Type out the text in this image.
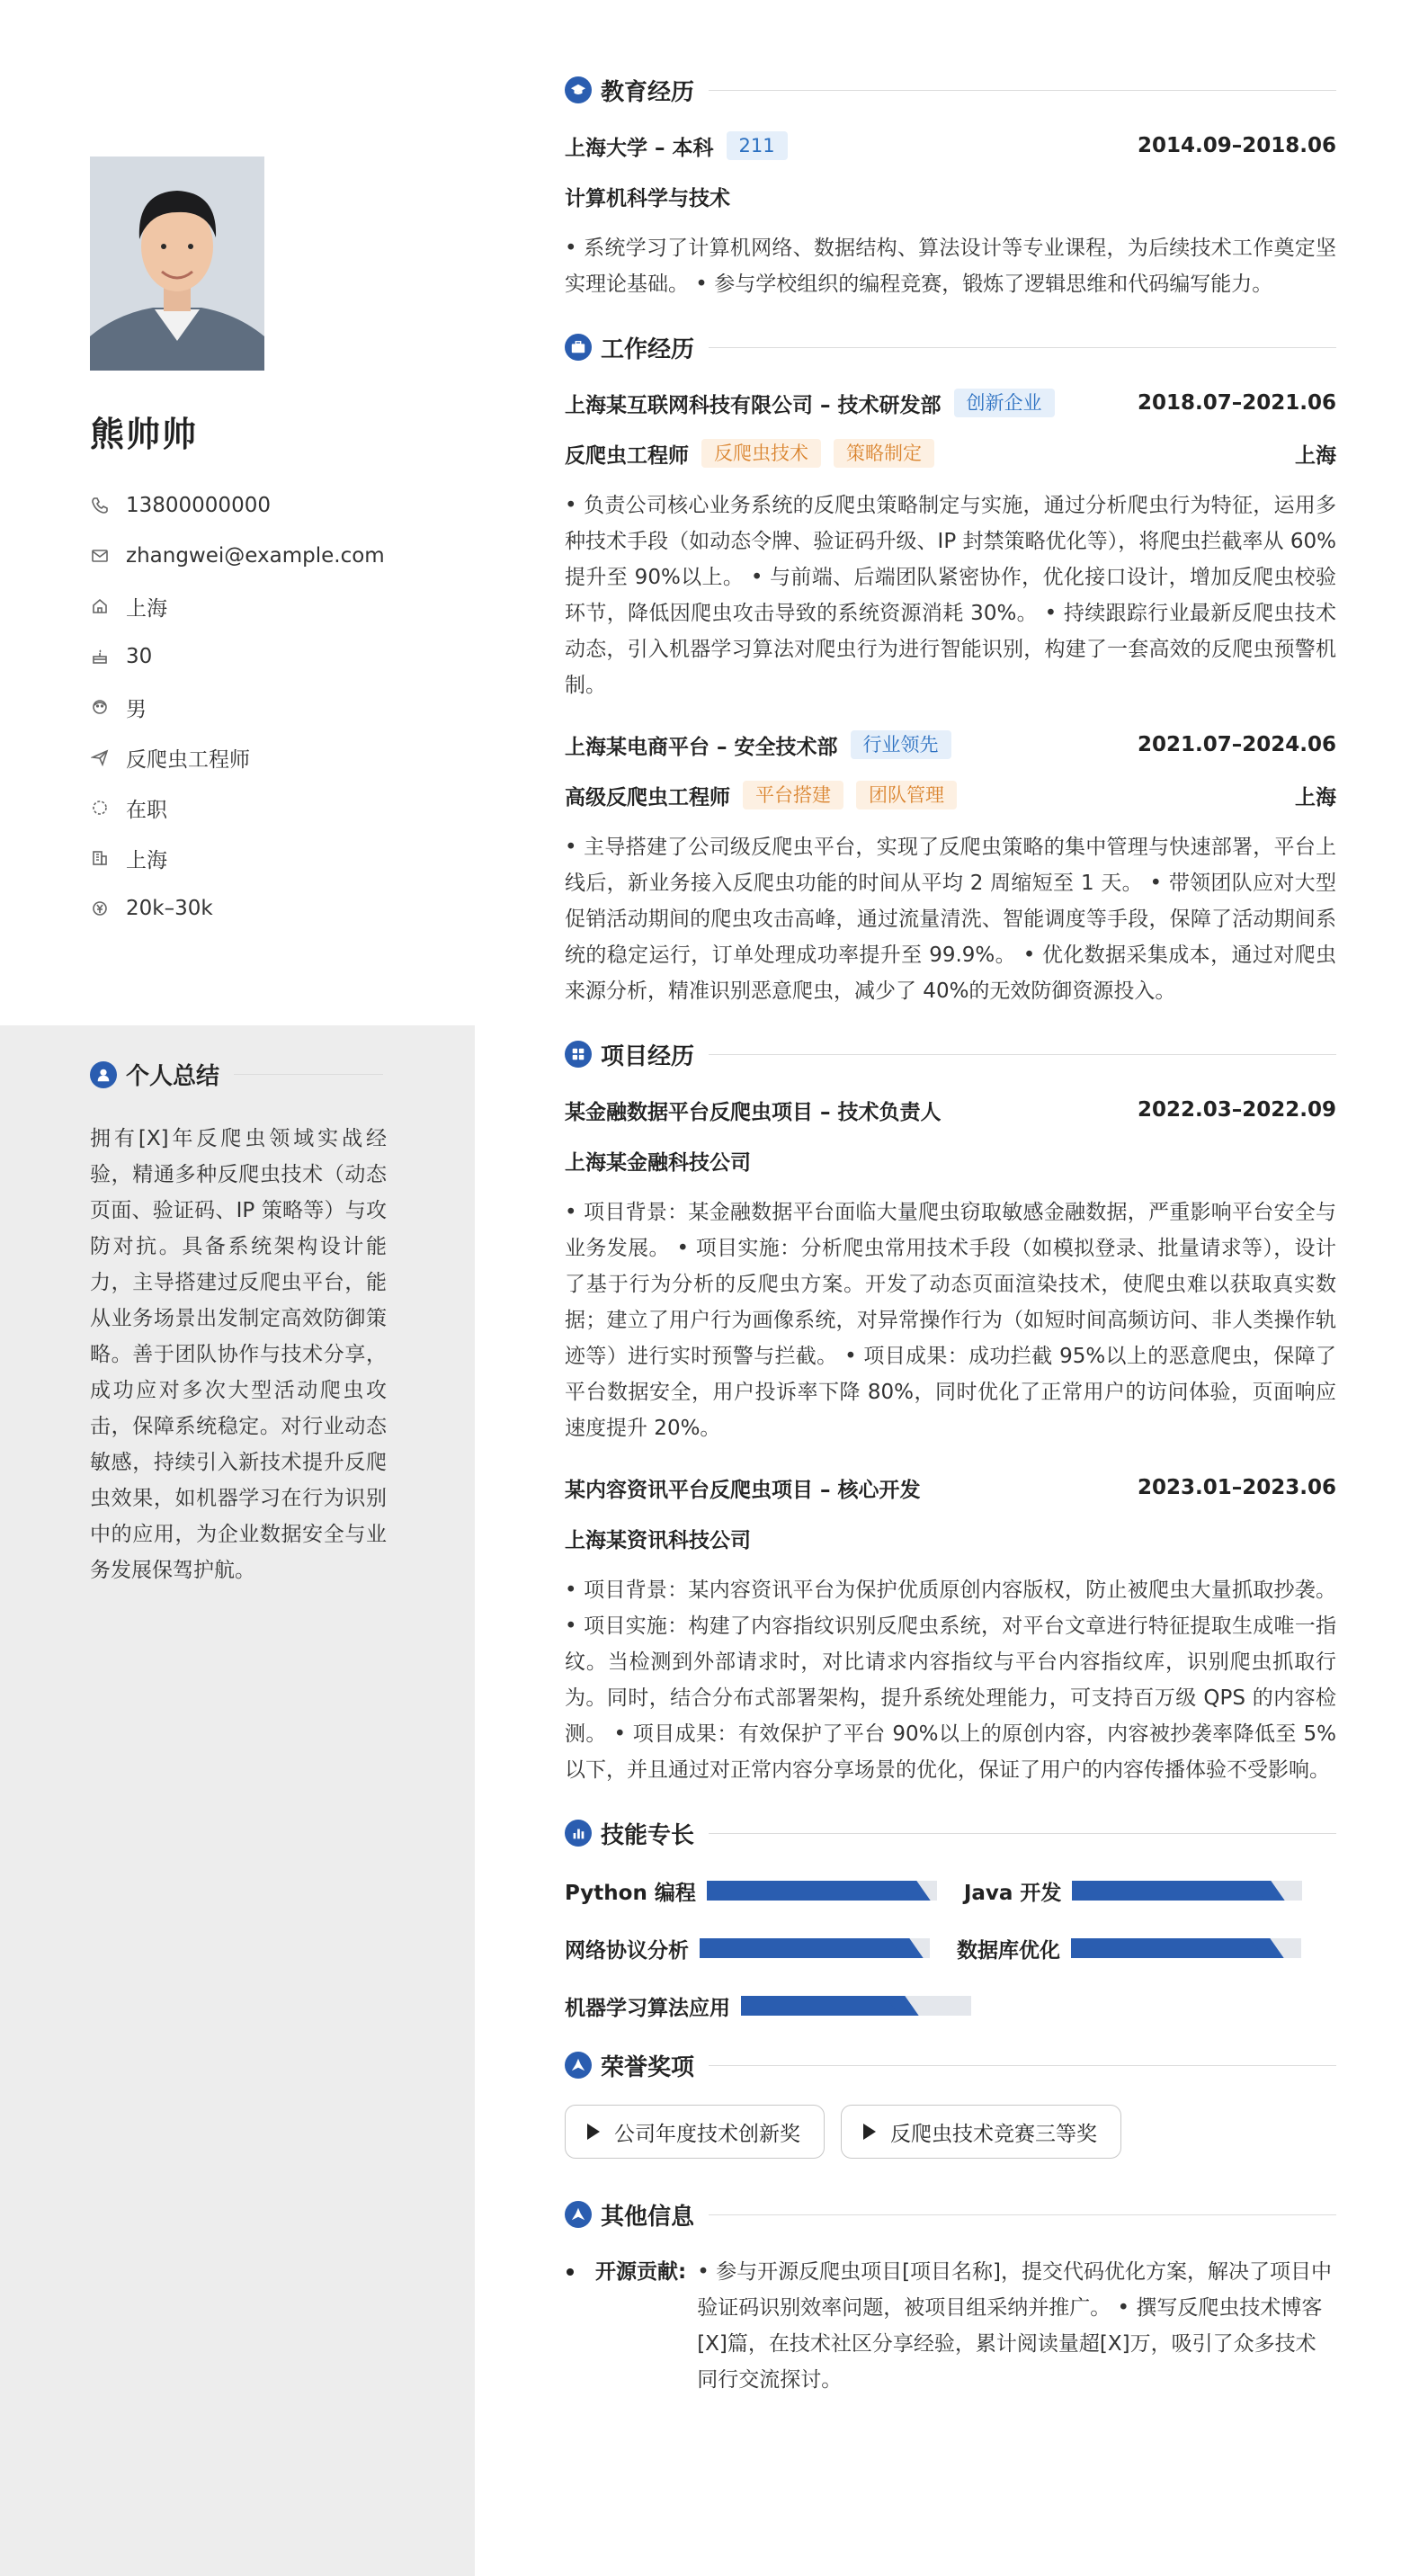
熊帅帅
13800000000
zhangwei@example.com
上海
30
男
反爬虫工程师
在职
上海
20k–30k
个人总结
拥有[X]年反爬虫领域实战经验，精通多种反爬虫技术（动态页面、验证码、IP 策略等）与攻防对抗。具备系统架构设计能力，主导搭建过反爬虫平台，能从业务场景出发制定高效防御策略。善于团队协作与技术分享，成功应对多次大型活动爬虫攻击，保障系统稳定。对行业动态敏感，持续引入新技术提升反爬虫效果，如机器学习在行为识别中的应用，为企业数据安全与业务发展保驾护航。
教育经历
上海大学 – 本科	211	2014.09–2018.06
计算机科学与技术
• 系统学习了计算机网络、数据结构、算法设计等专业课程，为后续技术工作奠定坚实理论基础。 • 参与学校组织的编程竞赛，锻炼了逻辑思维和代码编写能力。
工作经历
上海某互联网科技有限公司 – 技术研发部	创新企业	2018.07–2021.06
反爬虫工程师	反爬虫技术	策略制定	上海
• 负责公司核心业务系统的反爬虫策略制定与实施，通过分析爬虫行为特征，运用多种技术手段（如动态令牌、验证码升级、IP 封禁策略优化等），将爬虫拦截率从 60%提升至 90%以上。 • 与前端、后端团队紧密协作，优化接口设计，增加反爬虫校验环节，降低因爬虫攻击导致的系统资源消耗 30%。 • 持续跟踪行业最新反爬虫技术动态，引入机器学习算法对爬虫行为进行智能识别，构建了一套高效的反爬虫预警机制。
上海某电商平台 – 安全技术部	行业领先	2021.07–2024.06
高级反爬虫工程师	平台搭建	团队管理	上海
• 主导搭建了公司级反爬虫平台，实现了反爬虫策略的集中管理与快速部署，平台上线后，新业务接入反爬虫功能的时间从平均 2 周缩短至 1 天。 • 带领团队应对大型促销活动期间的爬虫攻击高峰，通过流量清洗、智能调度等手段，保障了活动期间系统的稳定运行，订单处理成功率提升至 99.9%。 • 优化数据采集成本，通过对爬虫来源分析，精准识别恶意爬虫，减少了 40%的无效防御资源投入。
项目经历
某金融数据平台反爬虫项目 – 技术负责人	2022.03–2022.09
上海某金融科技公司
• 项目背景：某金融数据平台面临大量爬虫窃取敏感金融数据，严重影响平台安全与业务发展。 • 项目实施：分析爬虫常用技术手段（如模拟登录、批量请求等），设计了基于行为分析的反爬虫方案。开发了动态页面渲染技术，使爬虫难以获取真实数据；建立了用户行为画像系统，对异常操作行为（如短时间高频访问、非人类操作轨迹等）进行实时预警与拦截。 • 项目成果：成功拦截 95%以上的恶意爬虫，保障了平台数据安全，用户投诉率下降 80%，同时优化了正常用户的访问体验，页面响应速度提升 20%。
某内容资讯平台反爬虫项目 – 核心开发	2023.01–2023.06
上海某资讯科技公司
• 项目背景：某内容资讯平台为保护优质原创内容版权，防止被爬虫大量抓取抄袭。 • 项目实施：构建了内容指纹识别反爬虫系统，对平台文章进行特征提取生成唯一指纹。当检测到外部请求时，对比请求内容指纹与平台内容指纹库，识别爬虫抓取行为。同时，结合分布式部署架构，提升系统处理能力，可支持百万级 QPS 的内容检测。 • 项目成果：有效保护了平台 90%以上的原创内容，内容被抄袭率降低至 5%以下，并且通过对正常内容分享场景的优化，保证了用户的内容传播体验不受影响。
技能专长
Python 编程	Java 开发
网络协议分析	数据库优化
机器学习算法应用
荣誉奖项
公司年度技术创新奖	反爬虫技术竞赛三等奖
其他信息
开源贡献: • 参与开源反爬虫项目[项目名称]，提交代码优化方案，解决了项目中验证码识别效率问题，被项目组采纳并推广。 • 撰写反爬虫技术博客[X]篇，在技术社区分享经验，累计阅读量超[X]万，吸引了众多技术同行交流探讨。
